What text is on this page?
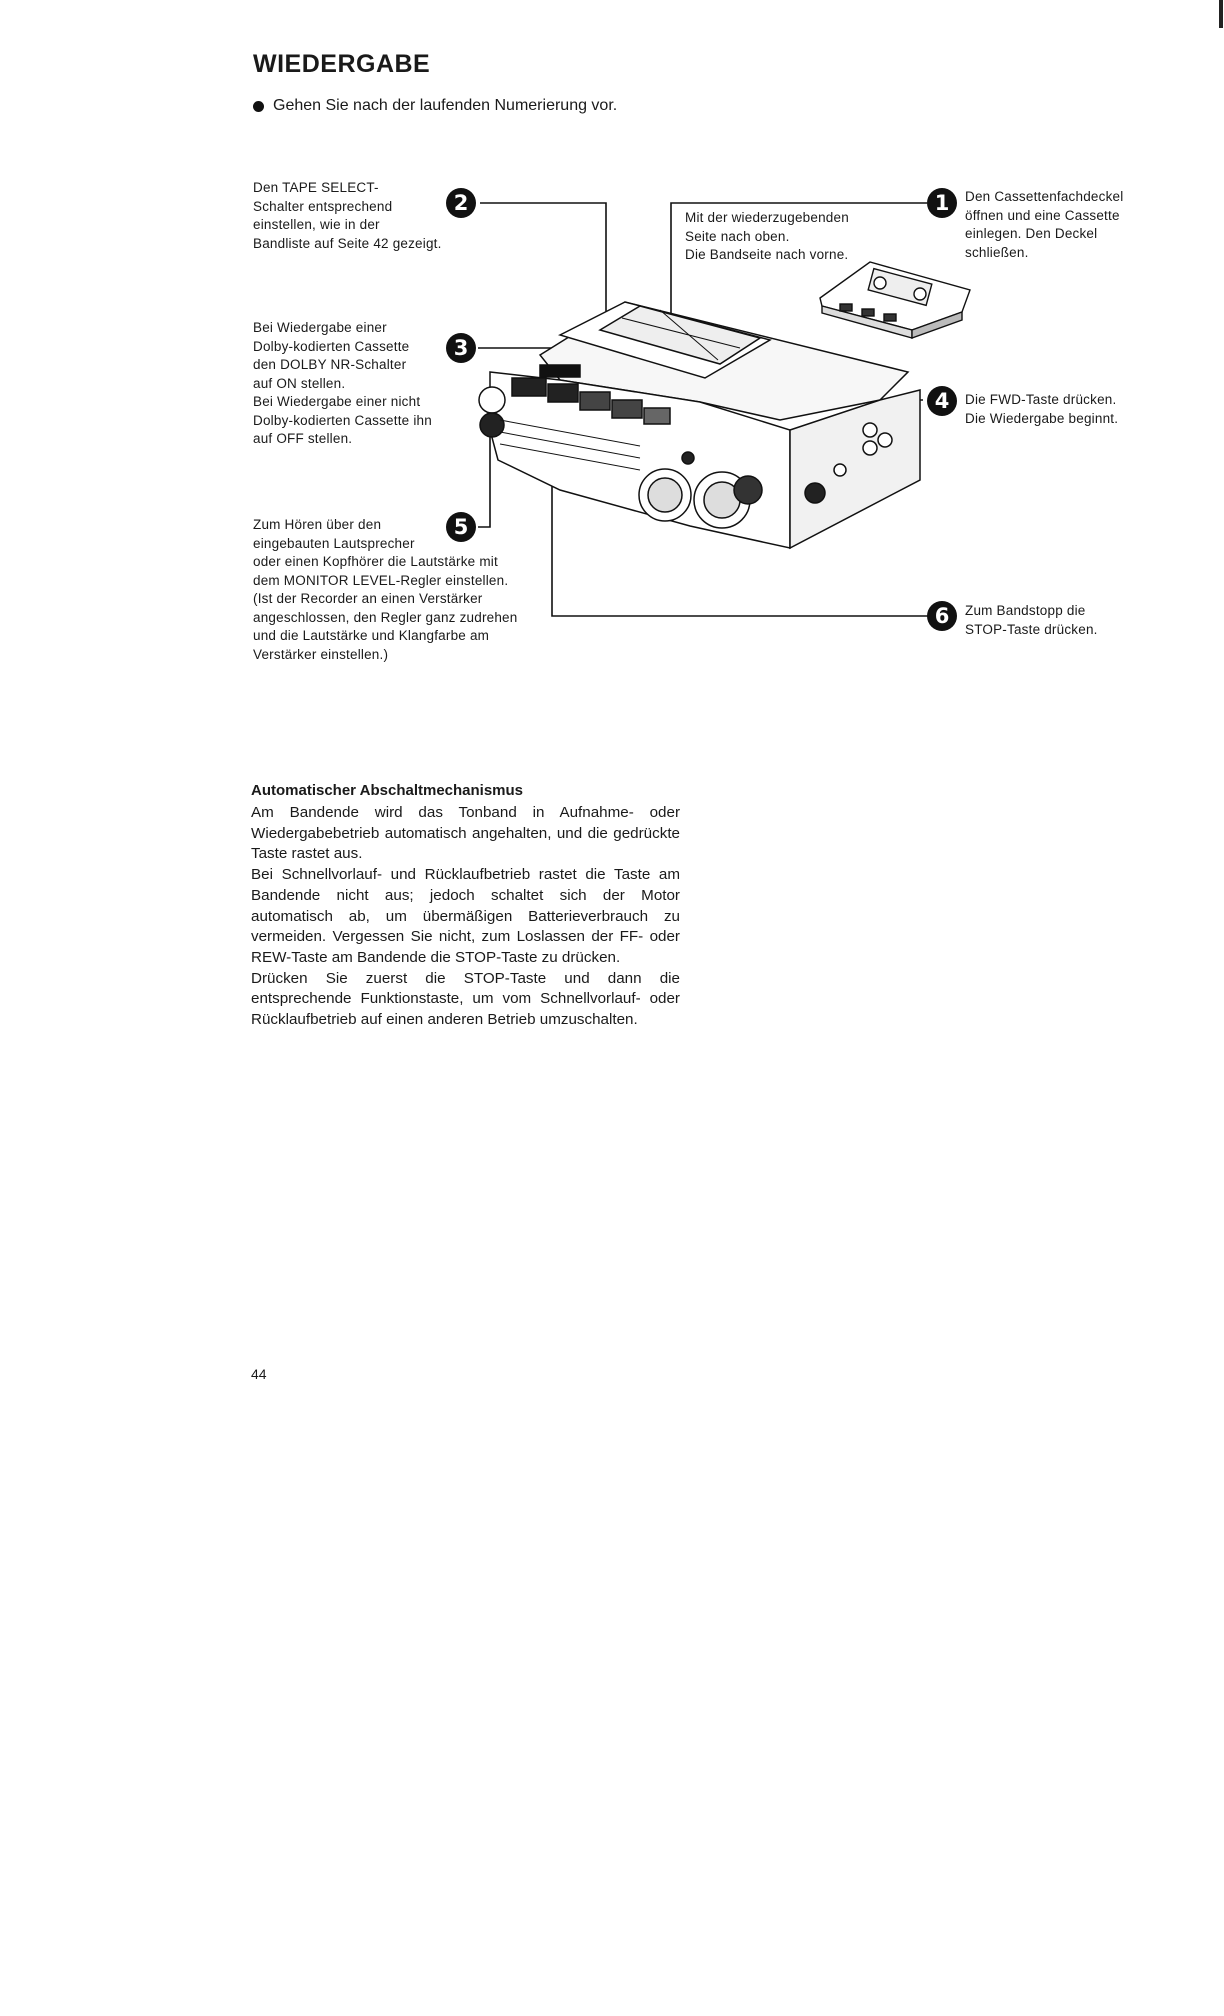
WIEDERGABE
Gehen Sie nach der laufenden Numerierung vor.
1
2
3
4
5
6
Den Cassettenfachdeckel
öffnen und eine Cassette
einlegen. Den Deckel
schließen.
Den TAPE SELECT-
Schalter entsprechend
einstellen, wie in der
Bandliste auf Seite 42 gezeigt.
Bei Wiedergabe einer
Dolby-kodierten Cassette
den DOLBY NR-Schalter
auf ON stellen.
Bei Wiedergabe einer nicht
Dolby-kodierten Cassette ihn
auf OFF stellen.
Die FWD-Taste drücken.
Die Wiedergabe beginnt.
Zum Hören über den
eingebauten Lautsprecher
oder einen Kopfhörer die Lautstärke mit
dem MONITOR LEVEL-Regler einstellen.
(Ist der Recorder an einen Verstärker
angeschlossen, den Regler ganz zudrehen
und die Lautstärke und Klangfarbe am
Verstärker einstellen.)
Zum Bandstopp die
STOP-Taste drücken.
Mit der wiederzugebenden
Seite nach oben.
Die Bandseite nach vorne.
Automatischer Abschaltmechanismus

Am Bandende wird das Tonband in Aufnahme- oder Wiedergabebetrieb automatisch angehalten, und die gedrückte Taste rastet aus.

Bei Schnellvorlauf- und Rücklaufbetrieb rastet die Taste am Bandende nicht aus; jedoch schaltet sich der Motor automatisch ab, um übermäßigen Batterieverbrauch zu vermeiden. Vergessen Sie nicht, zum Loslassen der FF- oder REW-Taste am Bandende die STOP-Taste zu drücken.

Drücken Sie zuerst die STOP-Taste und dann die entsprechende Funktionstaste, um vom Schnellvorlauf- oder Rücklaufbetrieb auf einen anderen Betrieb umzuschalten.

44
